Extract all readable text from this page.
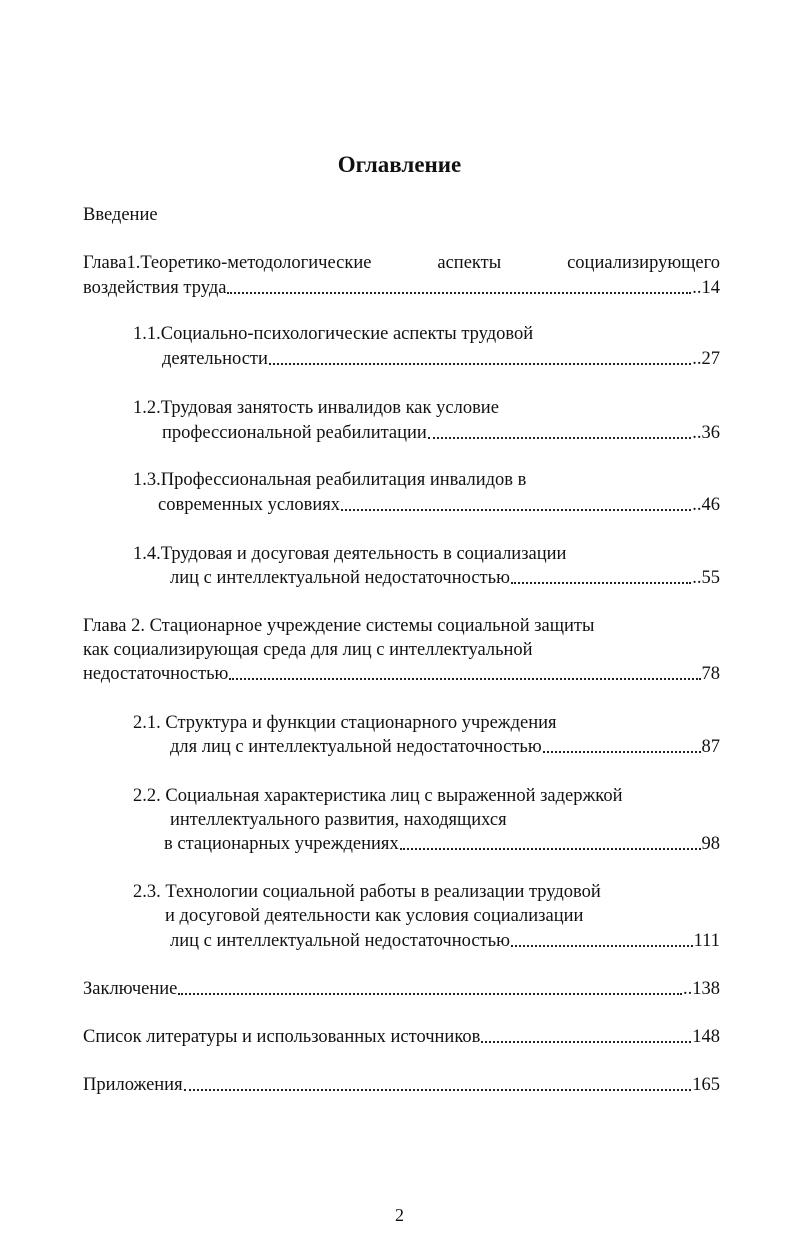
Оглавление
Введение
Глава1.Теоретико-методологические	аспекты	социализирующего
воздействия труда	..14
1.1.Социально-психологические аспекты трудовой
деятельности	..27
1.2.Трудовая занятость инвалидов как условие
профессиональной реабилитации	..36
1.3.Профессиональная реабилитация инвалидов в
современных условиях	..46
1.4.Трудовая и досуговая деятельность в социализации
лиц с интеллектуальной недостаточностью	..55
Глава 2. Стационарное учреждение системы социальной защиты
как социализирующая среда для лиц с интеллектуальной
недостаточностью	78
2.1. Структура и функции стационарного учреждения
для лиц с интеллектуальной недостаточностью	87
2.2. Социальная характеристика лиц с выраженной задержкой
интеллектуального развития, находящихся
в стационарных учреждениях	98
2.3. Технологии социальной работы в реализации трудовой
и досуговой деятельности как условия социализации
лиц с интеллектуальной недостаточностью	111
Заключение	..138
Список литературы и использованных источников	148
Приложения	165
2
